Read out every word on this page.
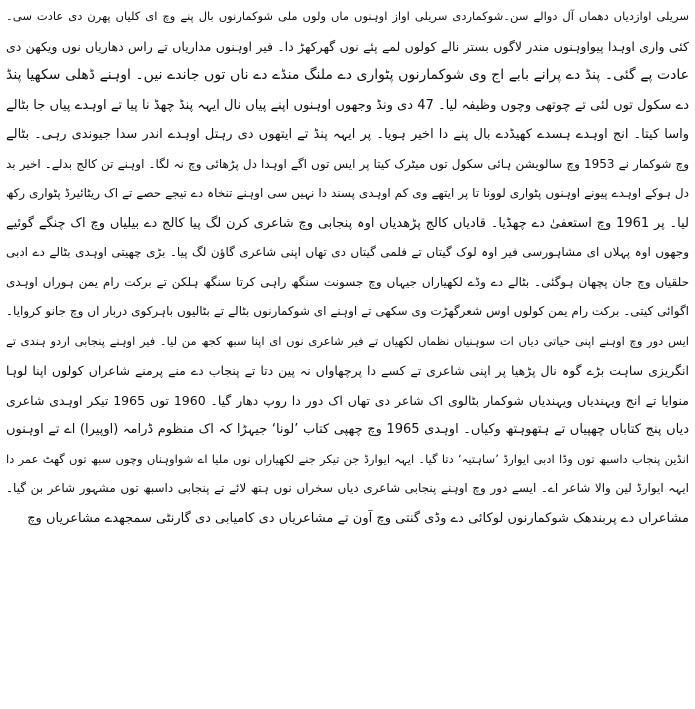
سریلی اوازدیاں دھماں آل دوالے سن۔شوکماردی سریلی اواز اوہنوں ماں ولوں ملی شوکمارنوں بال پنے وچ ای کلیاں پھرن دی عادت سی۔
کئی واری اوہدا پیواوہنوں مندر لاگوں بستر نالے کولوں لمے پئے نوں گھرکھڑ دا۔ فیر اوہنوں مداریاں تے راس دھاریاں نوں ویکھن دی
عادت پے گئی۔ پنڈ دے پرانے بابے اج وی شوکمارنوں پٹواری دے ملنگ منڈے دے ناں توں جاندے نیں۔ اوہنے ڈھلی سکھیا پنڈ
دے سکول توں لئی تے چوتھی وچوں وظیفہ لیا۔ 47 دی ونڈ وجھوں اوہنوں اپنے پیاں نال ایہہ پنڈ چھڈ نا پیا تے اوہدے پیاں جا بٹالے
واسا کیتا۔ انج اوہدے ہسدے کھیڈدے بال پنے دا اخیر ہویا۔ پر ایہہ پنڈ تے ایتھوں دی رہتل اوہدے اندر سدا جیوندی رہی۔ بٹالے
وچ شوکمار نے 1953 وچ سالویشن ہائی سکول توں میٹرک کیتا پر ایس توں اگے اوہدا دل پڑھائی وچ نہ لگا۔ اوہنے تن کالج بدلے۔ اخیر بد
دل ہوکے اوہدے پیونے اوہنوں پٹواری لوونا تا پر ایتھے وی کم اوہدی پسند دا نہیں سی اوہنے تنخاہ دے تیجے حصے تے اک ریٹائیرڈ پٹواری رکھ
لیا۔ پر 1961 وچ استعفیٰ دے چھڈیا۔ قادیاں کالج پڑھدیاں اوہ پنجابی وچ شاعری کرن لگ پیا کالج دے بیلیاں وچ اک چنگے گوئیے
وجھوں اوہ پہلاں ای مشاہورسی فیر اوہ لوک گیتاں تے فلمی گیتاں دی تھاں اپنی شاعری گاؤن لگ پیا۔ بڑی چھیتی اوہدی بٹالے دے ادبی
حلقیاں وچ جان پچھان ہوگئی۔ بٹالے دے وڈے لکھیاراں جیہاں وچ جسونت سنگھ راہی کرتا سنگھ ہلکن تے برکت رام یمن ہوراں اوہدی
اگوائی کیتی۔ برکت رام یمن کولوں اوس شعرگھڑت وی سکھی تے اوہنے ای شوکمارنوں بٹالے تے بٹالیوں باہرکوی دربار اں وچ جانو کروایا۔
ایس دور وچ اوہنے اپنی حیاتی دیاں ات سوہنیاں نظماں لکھیاں تے فیر شاعری نوں ای اپنا سبھ کجھ من لیا۔ فیر اوہنے پنجابی اردو ہندی تے
انگریزی ساہت بڑے گوہ نال پڑھیا پر اپنی شاعری تے کسے دا پرچھاواں نہ پین دتا تے پنجاب دے منے پرمنے شاعراں کولوں اپنا لوہا
منوایا تے انج ویہندیاں ویہندیاں شوکمار بٹالوی اک شاعر دی تھاں اک دور دا روپ دھار گیا۔ 1960 توں 1965 تیکر اوہدی شاعری
دیاں پنج کتاباں چھپیاں تے ہتھوہتھ وکیاں۔ اوہدی 1965 وچ چھپی کتاب ’لونا‘ جیہڑا کہ اک منظوم ڈرامہ (اوپیرا) اے تے اوہنوں
انڈین پنجاب داسبھ توں وڈا ادبی ایوارڈ ’ساہتیہ‘ دتا گیا۔ ایہہ ایوارڈ جن تیکر جنے لکھیاراں نوں ملیا اے شواوہناں وچوں سبھ توں گھٹ عمر دا
ایہہ ایوارڈ لین والا شاعر اے۔ ایسے دور وچ اوہنے پنجابی شاعری دیاں سخراں نوں ہتھ لائے تے پنجابی داسبھ توں مشہور شاعر بن گیا۔
مشاعراں دے پربندھک شوکمارنوں لوکائی دے وڈی گنتی وچ آون تے مشاعریاں دی کامیابی دی گارنٹی سمجھدے مشاعریاں وچ
